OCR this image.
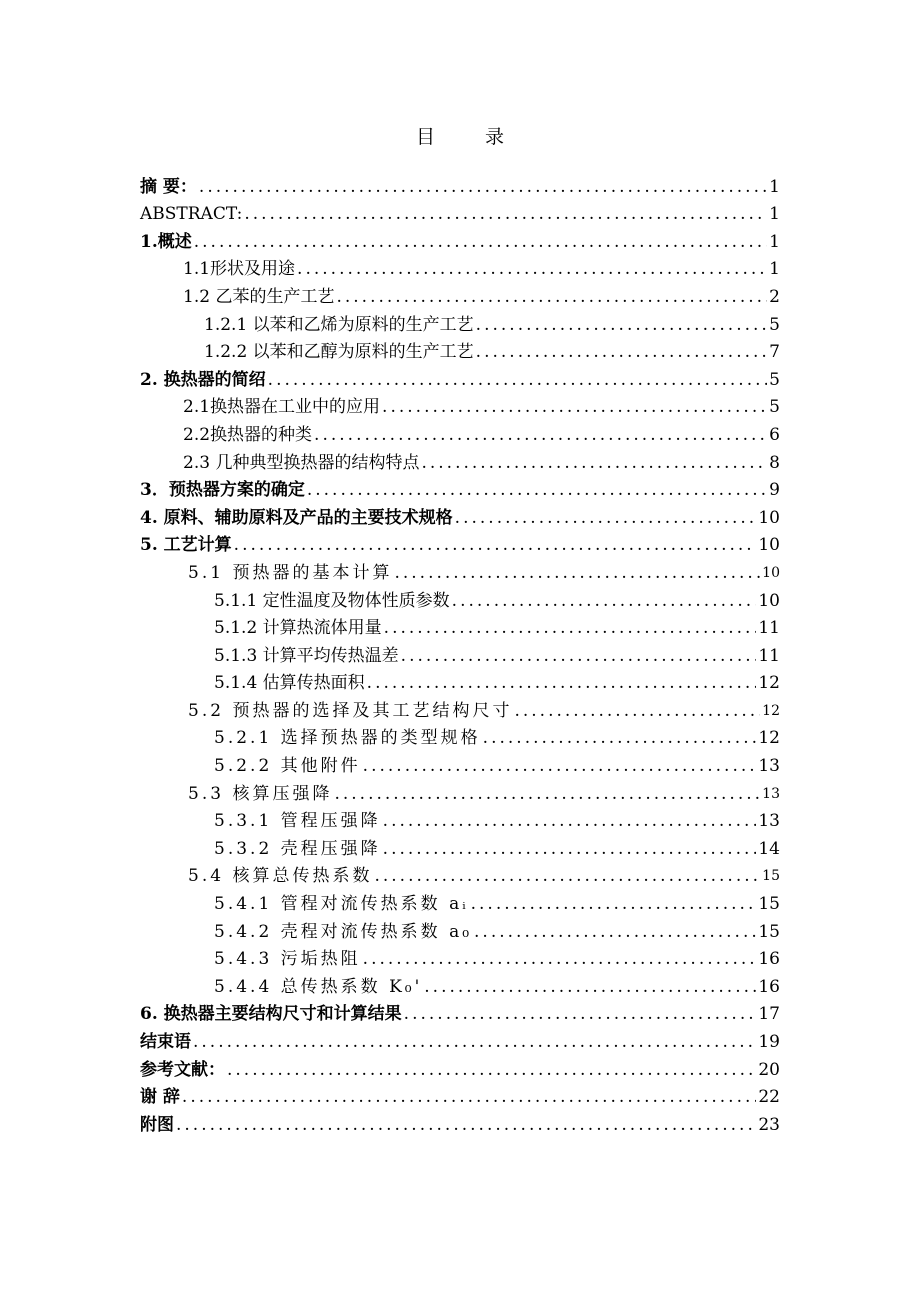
目 录
摘 要： .....	1
ABSTRACT: .....	1
1.概述 .....	1
1.1形状及用途 .....	1
1.2 乙苯的生产工艺 .....	2
1.2.1 以苯和乙烯为原料的生产工艺 .....	5
1.2.2 以苯和乙醇为原料的生产工艺 .....	7
2. 换热器的简绍 .....	5
2.1换热器在工业中的应用 .....	5
2.2换热器的种类 .....	6
2.3 几种典型换热器的结构特点 .....	8
3．预热器方案的确定 .....	9
4. 原料、辅助原料及产品的主要技术规格 .....	10
5. 工艺计算 .....	10
5.1 预热器的基本计算 .....	10
5.1.1 定性温度及物体性质参数 .....	10
5.1.2 计算热流体用量 .....	11
5.1.3 计算平均传热温差 .....	11
5.1.4 估算传热面积 .....	12
5.2 预热器的选择及其工艺结构尺寸 .....	12
5.2.1 选择预热器的类型规格 .....	12
5.2.2 其他附件 .....	13
5.3 核算压强降 .....	13
5.3.1 管程压强降 .....	13
5.3.2 壳程压强降 .....	14
5.4 核算总传热系数 .....	15
5.4.1 管程对流传热系数 aᵢ .....	15
5.4.2 壳程对流传热系数 a₀ .....	15
5.4.3 污垢热阻 .....	16
5.4.4 总传热系数 K₀' .....	16
6. 换热器主要结构尺寸和计算结果 .....	17
结束语 .....	19
参考文献： .....	20
谢 辞 .....	22
附图 .....	23
